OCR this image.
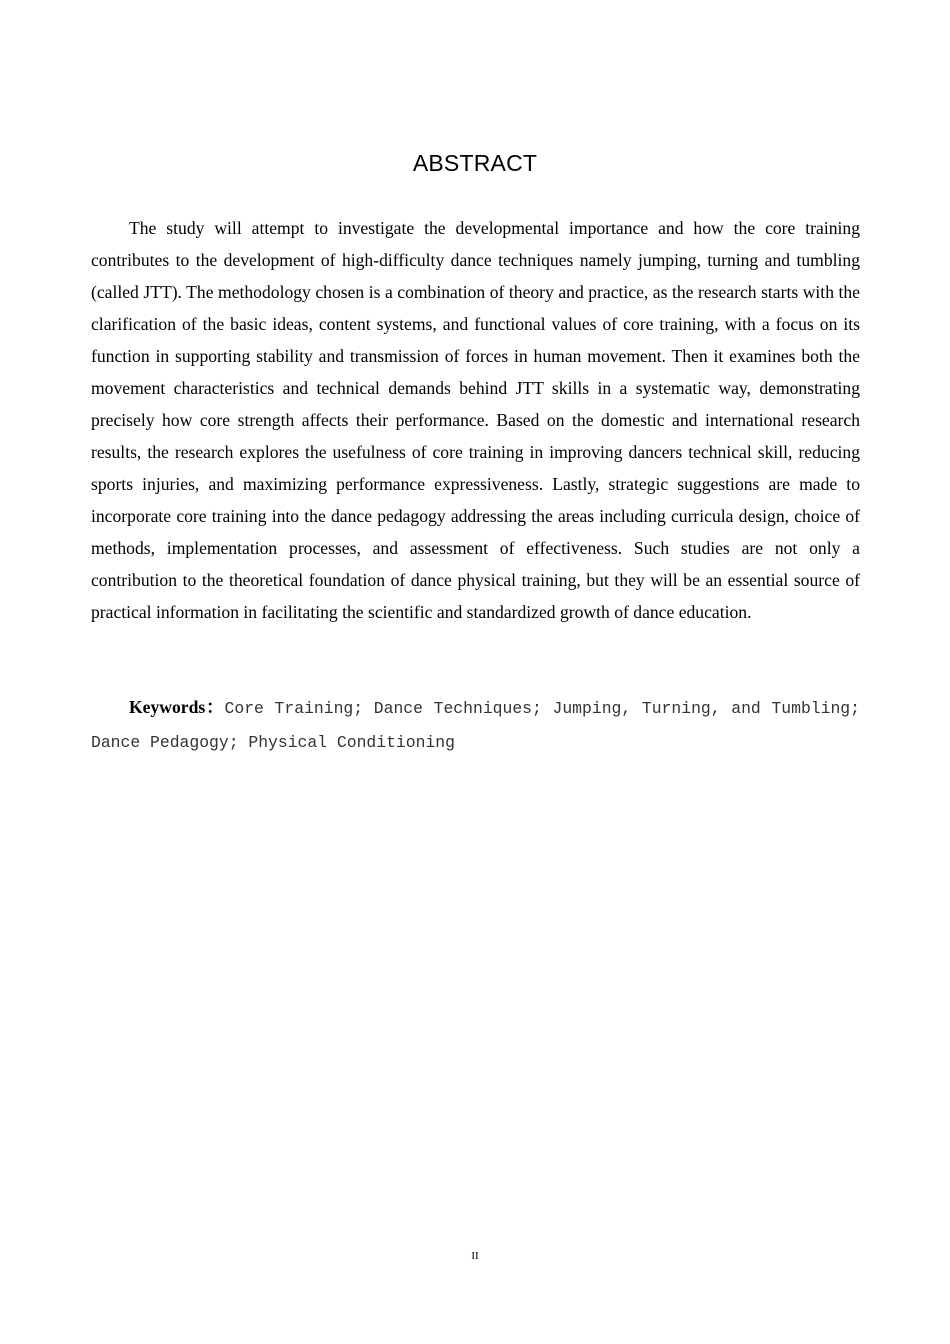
ABSTRACT

The study will attempt to investigate the developmental importance and how the core training contributes to the development of high-difficulty dance techniques namely jumping, turning and tumbling (called JTT). The methodology chosen is a combination of theory and practice, as the research starts with the clarification of the basic ideas, content systems, and functional values of core training, with a focus on its function in supporting stability and transmission of forces in human movement. Then it examines both the movement characteristics and technical demands behind JTT skills in a systematic way, demonstrating precisely how core strength affects their performance. Based on the domestic and international research results, the research explores the usefulness of core training in improving dancers technical skill, reducing sports injuries, and maximizing performance expressiveness. Lastly, strategic suggestions are made to incorporate core training into the dance pedagogy addressing the areas including curricula design, choice of methods, implementation processes, and assessment of effectiveness. Such studies are not only a contribution to the theoretical foundation of dance physical training, but they will be an essential source of practical information in facilitating the scientific and standardized growth of dance education.

Keywords：Core Training; Dance Techniques; Jumping, Turning, and Tumbling; Dance Pedagogy; Physical Conditioning

II
